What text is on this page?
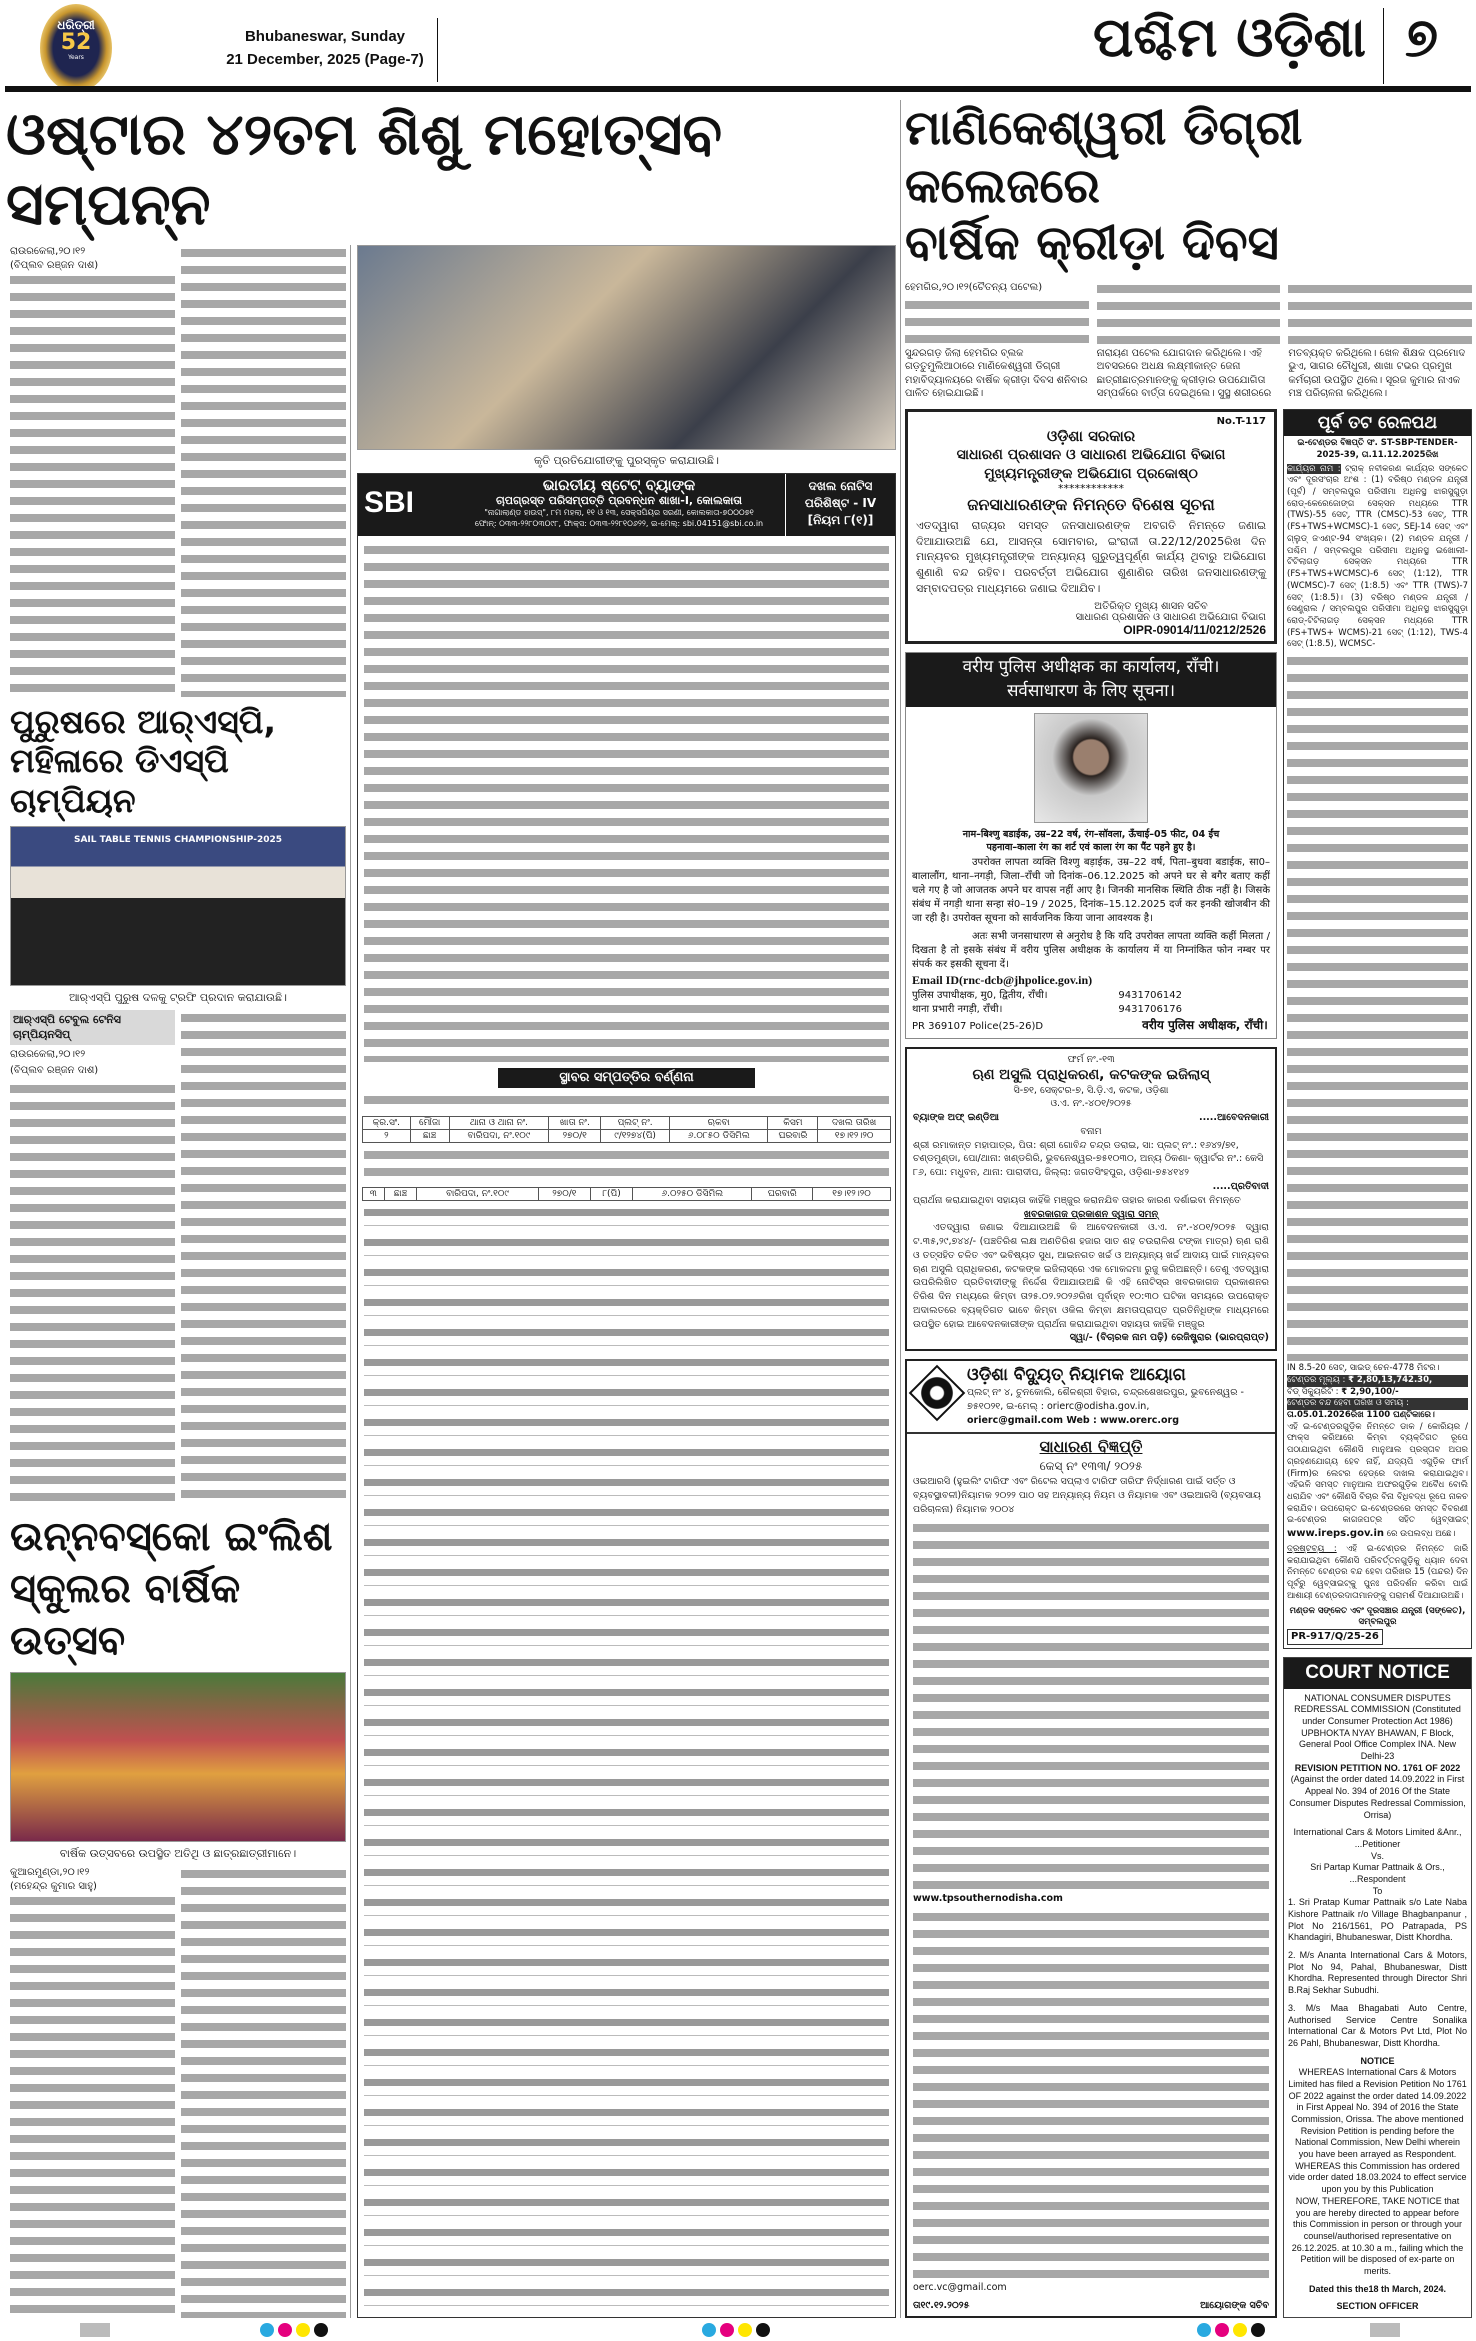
ଧରିତ୍ରୀ
52
Years
Bhubaneswar, Sunday
21 December, 2025 (Page-7)	ପଶ୍ଚିମ ଓଡ଼ିଶା ୭
ଓଷ୍ଟାର ୪୨ତମ ଶିଶୁ ମହୋତ୍ସବ ସମ୍ପନ୍ନ
ରାଉରକେଲା,୨୦।୧୨
(ବିପ୍ଲବ ରଞ୍ଜନ ଦାଶ)
ପୁରୁଷରେ ଆର୍‌ଏସ୍‌ପି,
ମହିଳାରେ ଡିଏସ୍‌ପି ଚାମ୍ପିୟନ
SAIL TABLE TENNIS CHAMPIONSHIP-2025
ଆର୍‌ଏସ୍‌ପି ପୁରୁଷ ଦଳକୁ ଟ୍ରଫି ପ୍ରଦାନ କରାଯାଉଛି।
ଆର୍‌ଏସ୍‌ପି ଟେବୁଲ ଟେନିସ ଚାମ୍ପିୟନସିପ୍
ରାଉରକେଲା,୨୦।୧୨
(ବିପ୍ଲବ ରଞ୍ଜନ ଦାଶ)
ଉନ୍ନବସ୍କୋ ଇଂଲିଶ
ସ୍କୁଲର ବାର୍ଷିକ ଉତ୍ସବ
ବାର୍ଷିକ ଉତ୍ସବରେ ଉପସ୍ଥିତ ଅତିଥି ଓ ଛାତ୍ରଛାତ୍ରୀମାନେ।
କୁଆରମୁଣ୍ଡା,୨୦।୧୨
(ମହେନ୍ଦ୍ର କୁମାର ସାହୁ)
କୃତି ପ୍ରତିଯୋଗୀଙ୍କୁ ପୁରସ୍କୃତ କରାଯାଉଛି।
SBI
ଭାରତୀୟ ଷ୍ଟେଟ୍ ବ୍ୟାଙ୍କ
ଚାପଗ୍ରସ୍ତ ପରିସମ୍ପତ୍ତି ପ୍ରବନ୍ଧନ ଶାଖା-I, କୋଲକାତା
"ନାଗାଲାଣ୍ଡ ହାଉସ୍", ୮ମ ମହଲା, ୧୧ ଓ ୧୩, ସେକ୍ସପିୟର ସରଣୀ, କୋଲକାତା-୭୦୦୦୭୧
ଫୋନ୍: ୦୩୩-୨୨୮୦୩୦୯୮, ଫାକ୍ସ: ୦୩୩-୨୨୮୧୦୬୨୨, ଇ-ମେଲ୍: sbi.04151@sbi.co.in
ଦଖଲ ନୋଟିସ
ପରିଶିଷ୍ଟ - IV
[ନିୟମ ୮(୧)]
ସ୍ଥାବର ସମ୍ପତ୍ତିର ବର୍ଣ୍ଣନା
କ୍ର.ସଂ.	ମୌଜା	ଥାନା ଓ ଥାନା ନଂ.	ଖାତା ନଂ.	ପ୍ଲଟ୍ ନଂ.	ଋକବା	କିସମ	ଦଖଲ ତାରିଖ
୨	ଛାଞ୍ଚ	ବାରିପଦା, ନଂ.୧୦୯	୨୭୦/୧	୯/୧୨୭୪(ପି)	୬.୦୮୫୦ ଡିସିମିଲ	ଘରବାରି	୧୭।୧୨।୨୦
୩	ଛାଞ୍ଚ	ବାରିପଦା, ନଂ.୧୦୯	୨୭୦/୧	୮(ପି)	୬.୦୨୫୦ ଡିସିମିଲ	ଘରବାରି	୧୭।୧୨।୨୦
ମାଣିକେଶ୍ୱରୀ ଡିଗ୍ରୀ କଲେଜରେ
ବାର୍ଷିକ କ୍ରୀଡ଼ା ଦିବସ
ହେମଗିର,୨୦।୧୨(ଚୈତନ୍ୟ ପଟେଲ)
ସୁନ୍ଦରଗଡ଼ ଜିଲା ହେମଗିର ବ୍ଲକ ଗଡ଼ତୁମୁଲିଆଠାରେ ମାଣିକେଶ୍ୱରୀ ଡିଗ୍ରୀ ମହାବିଦ୍ୟାଳୟରେ ବାର୍ଷିକ କ୍ରୀଡ଼ା ଦିବସ ଶନିବାର ପାଳିତ ହୋଇଯାଇଛି।
ନାରାୟଣ ପଟେଲ ଯୋଗଦାନ କରିଥିଲେ। ଏହି ଅବସରରେ ଅଧକ୍ଷ ଲକ୍ଷ୍ମୀକାନ୍ତ ଜେନା ଛାତ୍ରୀଛାତ୍ରମାନଙ୍କୁ କ୍ରୀଡ଼ାର ଉପଯୋଗିତା ସମ୍ପର୍କରେ ବାର୍ତ୍ତା ଦେଇଥିଲେ। ସୁସ୍ଥ ଶରୀରରେ
ମତବ୍ୟକ୍ତ କରିଥିଲେ। ଖେଳ ଶିକ୍ଷକ ପ୍ରମୋଦ ଭୁଏ, ସାଗର ଚୌଧୁରୀ, ଶାଖା ଟଭର ପ୍ରମୁଖ କର୍ମଚାରୀ ଉପସ୍ଥିତ ଥିଲେ। ସୂରଜ କୁମାର ନାଏକ ମଞ୍ଚ ପରିଚାଳନା କରିଥିଲେ।
No.T-117
ଓଡ଼ିଶା ସରକାର
ସାଧାରଣ ପ୍ରଶାସନ ଓ ସାଧାରଣ ଅଭିଯୋଗ ବିଭାଗ
ମୁଖ୍ୟମନ୍ତ୍ରୀଙ୍କ ଅଭିଯୋଗ ପ୍ରକୋଷ୍ଠ
************
ଜନସାଧାରଣଙ୍କ ନିମନ୍ତେ ବିଶେଷ ସୂଚନା
ଏତଦ୍ୱାରା ରାଜ୍ୟର ସମସ୍ତ ଜନସାଧାରଣଙ୍କ ଅବଗତି ନିମନ୍ତେ ଜଣାଇ ଦିଆଯାଉଅଛି ଯେ, ଆସନ୍ତା ସୋମବାର, ଇଂରାଜୀ ତା.22/12/2025ରିଖ ଦିନ ମାନ୍ୟବର ମୁଖ୍ୟମନ୍ତ୍ରୀଙ୍କ ଅନ୍ୟାନ୍ୟ ଗୁରୁତ୍ୱପୂର୍ଣ୍ଣ କାର୍ଯ୍ୟ ଥିବାରୁ ଅଭିଯୋଗ ଶୁଣାଣି ବନ୍ଦ ରହିବ। ପରବର୍ତ୍ତୀ ଅଭିଯୋଗ ଶୁଣାଣିର ତାରିଖ ଜନସାଧାରଣଙ୍କୁ ସମ୍ବାଦପତ୍ର ମାଧ୍ୟମରେ ଜଣାଇ ଦିଆଯିବ।
ଅତିରିକ୍ତ ମୁଖ୍ୟ ଶାସନ ସଚିବ
ସାଧାରଣ ପ୍ରଶାସନ ଓ ସାଧାରଣ ଅଭିଯୋଗ ବିଭାଗ
OIPR-09014/11/0212/2526
वरीय पुलिस अधीक्षक का कार्यालय, राँची।
सर्वसाधारण के लिए सूचना।
नाम–बिश्णु बडाईक, उम्र–22 वर्ष, रंग–सॉवला, ऊँचाई–05 फीट, 04 ईंच
पहनावा–काला रंग का शर्ट एवं काला रंग का पैंट पहने हुए है।
उपरोक्त लापता व्यक्ति विश्णु बड़ाईक, उम्र–22 वर्ष, पिता–बुधवा बडाईक, सा0–बालालौंग, थाना–नगड़ी, जिला–राँची जो दिनांक–06.12.2025 को अपने घर से बगैर बताए कहीं चले गए है जो आजतक अपने घर वापस नहीं आए है। जिनकी मानसिक स्थिति ठीक नहीं है। जिसके संबंध में नगड़ी थाना सन्हा सं0–19 / 2025, दिनांक–15.12.2025 दर्ज कर इनकी खोजबीन की जा रही है। उपरोक्त सूचना को सार्वजनिक किया जाना आवश्यक है।
अतः सभी जनसाधारण से अनुरोध है कि यदि उपरोक्त लापता व्यक्ति कहीं मिलता / दिखता है तो इसके संबंध में वरीय पुलिस अधीक्षक के कार्यालय में या निम्नांकित फोन नम्बर पर संपर्क कर इसकी सूचना दें।
Email ID(rnc-dcb@jhpolice.gov.in)
पुलिस उपाधीक्षक, मु0, द्वितीय, राँची।	9431706142
थाना प्रभारी नगड़ी, राँची।	9431706176
PR 369107 Police(25-26)D	वरीय पुलिस अधीक्षक, राँची।
ଫର୍ମ ନଂ.-୧୩
ଋଣ ଅସୁଲି ପ୍ରାଧିକରଣ, କଟକଙ୍କ ଇଜିଲାସ୍
ସି-୭୧, ସେକ୍ଟର-୭, ସି.ଡ଼ି.ଏ, କଟକ, ଓଡ଼ିଶା
ଓ.ଏ. ନଂ.-୪୦୧/୨୦୨୫
ବ୍ୟାଙ୍କ ଅଫ୍ ଇଣ୍ଡିଆ	.....ଆବେଦନକାରୀ
ବନାମ
ଶ୍ରୀ ରମାକାନ୍ତ ମହାପାତ୍ର, ପିତା: ଶ୍ରୀ ଗୋବିନ୍ଦ ଚନ୍ଦ୍ର ଡରାଇ, ସା: ପ୍ଲଟ୍ ନଂ.: ୧୬୪୨/୭୧, ଚଣ୍ଡମୁଣ୍ଡା, ପୋ/ଥାନା: ଖଣ୍ଡଗିରି, ଭୁବନେଶ୍ୱର-୭୫୧୦୩୦, ଅନ୍ୟ ଠିକଣା- କ୍ୱାର୍ଟର ନଂ.: କେସି ୮୬, ପୋ: ମଧୁବନ, ଥାନା: ପାରାଦୀପ, ଜିଲ୍ଲା: ଜଗତସିଂହପୁର, ଓଡ଼ିଶା-୭୫୪୧୪୨
.....ପ୍ରତିବାଦୀ
ପ୍ରାର୍ଥନା କରାଯାଇଥିବା ସହାୟତା କାହିଁକି ମଞ୍ଜୁର କରାନଯିବ ତାହାର କାରଣ ଦର୍ଶାଇବା ନିମନ୍ତେ
ଖବରକାଗଜ ପ୍ରକାଶନ ଦ୍ୱାରା ସମନ୍
ଏତଦ୍ୱାରା ଜଣାଇ ଦିଆଯାଉଅଛି କି ଆବେଦନକାରୀ ଓ.ଏ. ନଂ.-୪୦୧/୨୦୨୫ ଦ୍ୱାରା ଟ.୩୫,୨୯,୭୪୪/- (ପଞ୍ଚତିରିଶ ଲକ୍ଷ ଅଣତିରିଶ ହଜାର ସାତ ଶହ ଚଉରାଳିଶ ଟଙ୍କା ମାତ୍ର) ଋଣ ରାଶି ଓ ତତ୍‌ସହିତ ଚଳିତ ଏବଂ ଭବିଷ୍ୟତ ସୁଧ, ଆଇନଗତ ଖର୍ଚ୍ଚ ଓ ଅନ୍ୟାନ୍ୟ ଖର୍ଚ୍ଚ ଆଦାୟ ପାଇଁ ମାନ୍ୟବର ଋଣ ଅସୁଲି ପ୍ରାଧିକରଣ, କଟକଙ୍କ ଇଜିଲାସ୍‌ରେ ଏକ ମୋକଦ୍ଦମା ରୁଜୁ କରିଅଛନ୍ତି। ତେଣୁ ଏତଦ୍ୱାରା ଉପରିଲିଖିତ ପ୍ରତିବାଦୀଙ୍କୁ ନିର୍ଦ୍ଦେଶ ଦିଆଯାଉଅଛି କି ଏହି ନୋଟିସ୍‌ର ଖବରକାଗଜ ପ୍ରକାଶନର ତିରିଶ ଦିନ ମଧ୍ୟରେ କିମ୍ବା ତା୨୫.୦୨.୨୦୨୬ରିଖ ପୂର୍ବାହ୍ନ ୧୦:୩୦ ଘଟିକା ସମୟରେ ଉପରୋକ୍ତ ଅଦାଲତରେ ବ୍ୟକ୍ତିଗତ ଭାବେ କିମ୍ବା ଓକିଲ କିମ୍ବା କ୍ଷମତାପ୍ରାପ୍ତ ପ୍ରତିନିଧିଙ୍କ ମାଧ୍ୟମରେ ଉପସ୍ଥିତ ହୋଇ ଆବେଦନକାରୀଙ୍କ ପ୍ରାର୍ଥନା କରାଯାଇଥିବା ସହାୟତା କାହିଁକି ମଞ୍ଜୁର
ସ୍ୱା/- (ବିଚାରକ ନାମ ପଢ଼ି) ରେଜିଷ୍ଟ୍ରାର (ଭାରପ୍ରାପ୍ତ)
ଓଡ଼ିଶା ବିଦ୍ୟୁତ୍ ନିୟାମକ ଆୟୋଗ
ପ୍ଲଟ୍ ନଂ ୪, ଚୁନକୋଲି, ଶୈଳଶ୍ରୀ ବିହାର, ଚନ୍ଦ୍ରଶେଖରପୁର, ଭୁବନେଶ୍ୱର - ୭୫୧୦୨୧, ଇ-ମେଲ୍ : orierc@odisha.gov.in,
orierc@gmail.com Web : www.orerc.org
ସାଧାରଣ ବିଜ୍ଞପ୍ତି
କେସ୍ ନଂ ୧୩୩/ ୨୦୨୫
ଓଇଆରସି (ହୁଇଲିଂ ଟାରିଫ ଏବଂ ରିଟେଲ ସପ୍ଲାଏ ଟାରିଫ ତାରିଫ ନିର୍ଦ୍ଧାରଣ ପାଇଁ ସର୍ତ୍ତ ଓ ବ୍ୟବସ୍ଥାବଳୀ)ନିୟାମକ ୨୦୨୨ ପାଠ ସହ ଅନ୍ୟାନ୍ୟ ନିୟମ ଓ ନିୟାମକ ଏବଂ ଓଇଆରସି (ବ୍ୟବସାୟ ପରିଚାଳନା) ନିୟାମକ ୨୦୦୪
www.tpsouthernodisha.com
oerc.vc@gmail.com
ତା୧୯.୧୨.୨୦୨୫	ଆୟୋଗଙ୍କ ସଚିବ
ପୂର୍ବ ତଟ ରେଳପଥ
ଇ-ଟେଣ୍ଡର ବିଜ୍ଞପ୍ତି ସଂ. ST-SBP-TENDER-2025-39, ତା.11.12.2025ରିଖ
କାର୍ଯ୍ୟର ନାମ : ଟ୍ରାକ୍ ନବୀକରଣ କାର୍ଯ୍ୟର ସଙ୍କେତ ଏବଂ ଦୂରସଂଚାର ଅଂଶ : (1) ବରିଷ୍ଠ ମଣ୍ଡଳ ଯନ୍ତ୍ରୀ (ପୂର୍ବ) / ସମ୍ବଲପୁର ପରିସୀମା ଅଧିନସ୍ଥ ଝାରସୁଗୁଡ଼ା ରୋଡ୍-କେରେଜୋଙ୍ଗ ସେକ୍ସନ ମଧ୍ୟରେ TTR (TWS)-55 ସେଟ୍, TTR (CMSC)-53 ସେଟ୍, TTR (FS+TWS+WCMSC)-1 ସେଟ୍, SEJ-14 ସେଟ୍ ଏବଂ ଗ୍ଲୁଡ୍ ଜଏଣ୍ଟ-94 ସଂଖ୍ୟକ। (2) ମଣ୍ଡଳ ଯନ୍ତ୍ରୀ / ପଶ୍ଚିମ / ସମ୍ବଲପୁର ପରିସୀମା ଅଧିନସ୍ଥ ଇଖୋଲୀ-ଟିଟିଲାଗଡ଼ ସେକ୍ସନ ମଧ୍ୟରେ TTR (FS+TWS+WCMSC)-6 ସେଟ୍ (1:12), TTR (WCMSC)-7 ସେଟ୍ (1:8.5) ଏବଂ TTR (TWS)-7 ସେଟ୍ (1:8.5)। (3) ବରିଷ୍ଠ ମଣ୍ଡଳ ଯନ୍ତ୍ରୀ / ସେଣ୍ଟ୍ରାଲ / ସମ୍ବଲପୁର ପରିସୀମା ଅଧିନସ୍ଥ ଝାରସୁଗୁଡ଼ା ରୋଡ୍-ଟିଟିଲାଗଡ଼ ସେକ୍ସନ ମଧ୍ୟରେ TTR (FS+TWS+ WCMS)-21 ସେଟ୍ (1:12), TWS-4 ସେଟ୍ (1:8.5), WCMSC-
IN 8.5-20 ସେଟ୍, ସାଇଡ୍ ଚେନ-4778 ମିଟର।
ଟେଣ୍ଡର ମୂଲ୍ୟ : ₹ 2,80,13,742.30,
ବିଡ୍ ସିକ୍ୟୁରିଟି : ₹ 2,90,100/-
ଟେଣ୍ଡର ବନ୍ଦ ହେବା ତାରିଖ ଓ ସମୟ :
ତା.05.01.2026ରିଖ 1100 ଘଣ୍ଟିକାରେ।
ଏହି ଇ-ଟେଣ୍ଡରଗୁଡ଼ିକ ନିମନ୍ତେ ଡାକ / କୋରିୟର / ଫାକ୍ସ କରିଆରେ କିମ୍ବା ବ୍ୟକ୍ତିଗତ ରୂପେ ପଠାଯାଇଥିବା କୌଣସି ମାନୁଆଲ ପ୍ରସ୍ତାବ ଅପର ଗ୍ରହଣଯୋଗ୍ୟ ହେବ ନାହିଁ, ଯଦ୍ୟପି ଏଗୁଡ଼ିକ ଫାର୍ମ (Firm)ର ଲେଟର ହେଡ୍‌ରେ ଦାଖଲ କରାଯାଇଥିବ। ଏହିଭଳି ସମସ୍ତ ମାନୁଆଲ ଅଫରଗୁଡ଼ିକ ଅବୈଧ ବୋଲି ଧରାଯିବ ଏବଂ କୌଣସି ବିଚାର ବିନା ବିଧିବଦ୍ଧ ରୂପେ ନାକଚ କରାଯିବ। ଉପରୋକ୍ତ ଇ-ଟେଣ୍ଡରରେ ସମସ୍ତ ବିବରଣୀ ଇ-ଟେଣ୍ଡର କାଗଜପତ୍ର ସହିତ ୱେବ୍‌ସାଇଟ୍ www.ireps.gov.in ରେ ଉପଲବ୍ଧ ଅଛେ।
ଦ୍ରଷ୍ଟବ୍ୟ : ଏହି ଇ-ଟେଣ୍ଡର ନିମନ୍ତେ ଜାରି କରାଯାଇଥିବା କୌଣସି ପରିବର୍ତ୍ତନଗୁଡ଼ିକୁ ଧ୍ୟାନ ଦେବା ନିମନ୍ତେ ଟେଣ୍ଡର ବନ୍ଦ ହେବା ତାରିଖର 15 (ପନ୍ଦର) ଦିନ ପୂର୍ବରୁ ୱେବ୍‌ସାଇଟ୍‌କୁ ପୁନଃ ପରିଦର୍ଶନ କରିବା ପାଇଁ ଆଶାୟୀ ଟେଣ୍ଡରଦାତାମାନଙ୍କୁ ପରାମର୍ଶ ଦିଆଯାଉଅଛି।
ମଣ୍ଡଳ ସଙ୍କେତ ଏବଂ ଦୂରସଞ୍ଚାର ଯନ୍ତ୍ରୀ (ସଙ୍କେତ), ସମ୍ବଲପୁର
PR-917/Q/25-26
COURT NOTICE
NATIONAL CONSUMER DISPUTES REDRESSAL COMMISSION (Constituted under Consumer Protection Act 1986) UPBHOKTA NYAY BHAWAN, F Block, General Pool Office Complex INA. New Delhi-23
REVISION PETITION NO. 1761 OF 2022
(Against the order dated 14.09.2022 in First Appeal No. 394 of 2016 Of the State Consumer Disputes Redressal Commission, Orrisa)
International Cars & Motors Limited &Anr.,
...Petitioner
Vs.
Sri Partap Kumar Pattnaik & Ors.,
...Respondent
To
1. Sri Pratap Kumar Pattnaik s/o Late Naba Kishore Pattnaik r/o Village Bhagbanpanur , Plot No 216/1561, PO Patrapada, PS Khandagiri, Bhubaneswar, Distt Khordha.
2. M/s Ananta International Cars & Motors, Plot No 94, Pahal, Bhubaneswar, Distt Khordha. Represented through Director Shri B.Raj Sekhar Subudhi.
3. M/s Maa Bhagabati Auto Centre, Authorised Service Centre Sonalika International Car & Motors Pvt Ltd, Plot No 26 Pahl, Bhubaneswar, Distt Khordha.
NOTICE
WHEREAS International Cars & Motors Limited has filed a Revision Petition No 1761 OF 2022 against the order dated 14.09.2022 in First Appeal No. 394 of 2016 the State Commission, Orissa. The above mentioned Revision Petition is pending before the National Commission, New Delhi wherein you have been arrayed as Respondent.
WHEREAS this Commission has ordered vide order dated 18.03.2024 to effect service upon you by this Publication
NOW, THEREFORE, TAKE NOTICE that you are hereby directed to appear before this Commission in person or through your counsel/authorised representative on 26.12.2025. at 10.30 a m., failing which the Petition will be disposed of ex-parte on merits.
Dated this the18 th March, 2024.
SECTION OFFICER
